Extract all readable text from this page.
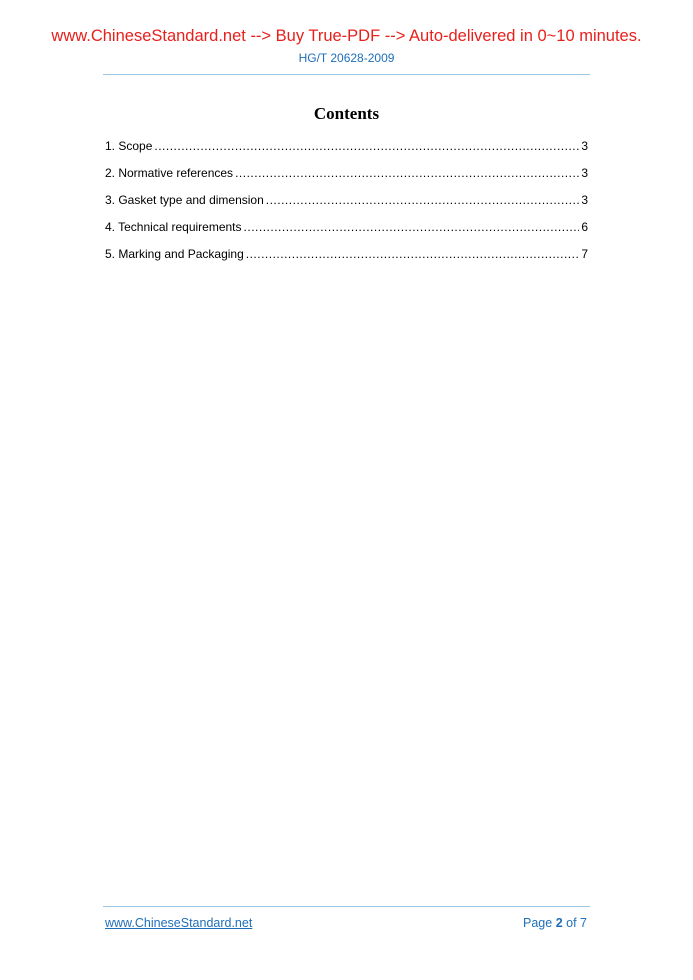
www.ChineseStandard.net --> Buy True-PDF --> Auto-delivered in 0~10 minutes.
HG/T 20628-2009
Contents
1. Scope .....	3
2. Normative references .....	3
3. Gasket type and dimension .....	3
4. Technical requirements .....	6
5. Marking and Packaging .....	7
www.ChineseStandard.net	Page 2 of 7
